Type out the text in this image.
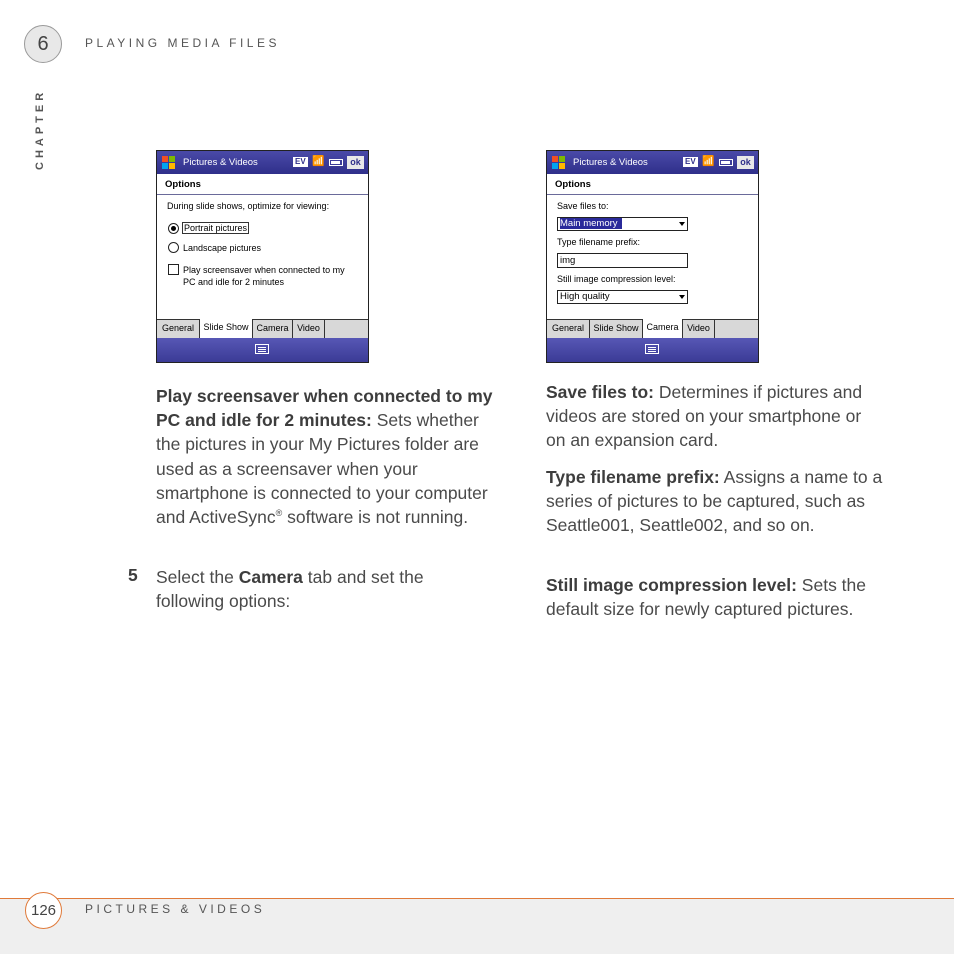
6	PLAYING MEDIA FILES
CHAPTER	Pictures & Videos	EV 📶	ok
Options
During slide shows, optimize for viewing:
Portrait pictures
Landscape pictures
Play screensaver when connected to my
PC and idle for 2 minutes
General	Slide Show Camera Video
Pictures & Videos	EV 📶	ok
Options
Save files to:
Main memory
Type filename prefix:
img
Still image compression level:
High quality
General	Slide Show Camera Video
Play screensaver when connected to my PC and idle for 2 minutes: Sets whether the pictures in your My Pictures folder are used as a screensaver when your smartphone is connected to your computer and ActiveSync® software is not running.
5 Select the Camera tab and set the following options:
Save files to: Determines if pictures and videos are stored on your smartphone or on an expansion card.
Type filename prefix: Assigns a name to a series of pictures to be captured, such as Seattle001, Seattle002, and so on.
Still image compression level: Sets the default size for newly captured pictures.
126	PICTURES & VIDEOS
